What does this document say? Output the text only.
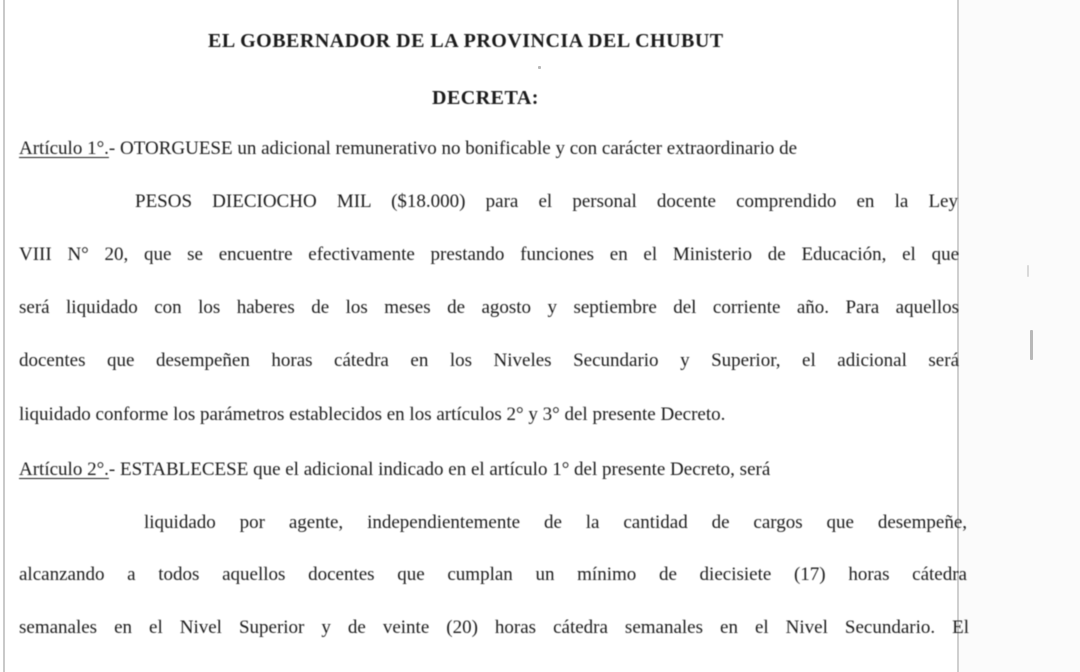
EL GOBERNADOR DE LA PROVINCIA DEL CHUBUT
DECRETA:
Artículo 1°.- OTORGUESE un adicional remunerativo no bonificable y con carácter extraordinario de
PESOS DIECIOCHO MIL ($18.000) para el personal docente comprendido en la Ley
VIII N° 20, que se encuentre efectivamente prestando funciones en el Ministerio de Educación, el que
será liquidado con los haberes de los meses de agosto y septiembre del corriente año. Para aquellos
docentes que desempeñen horas cátedra en los Niveles Secundario y Superior, el adicional será
liquidado conforme los parámetros establecidos en los artículos 2° y 3° del presente Decreto.
Artículo 2°.- ESTABLECESE que el adicional indicado en el artículo 1° del presente Decreto, será
liquidado por agente, independientemente de la cantidad de cargos que desempeñe,
alcanzando a todos aquellos docentes que cumplan un mínimo de diecisiete (17) horas cátedra
semanales en el Nivel Superior y de veinte (20) horas cátedra semanales en el Nivel Secundario. El
